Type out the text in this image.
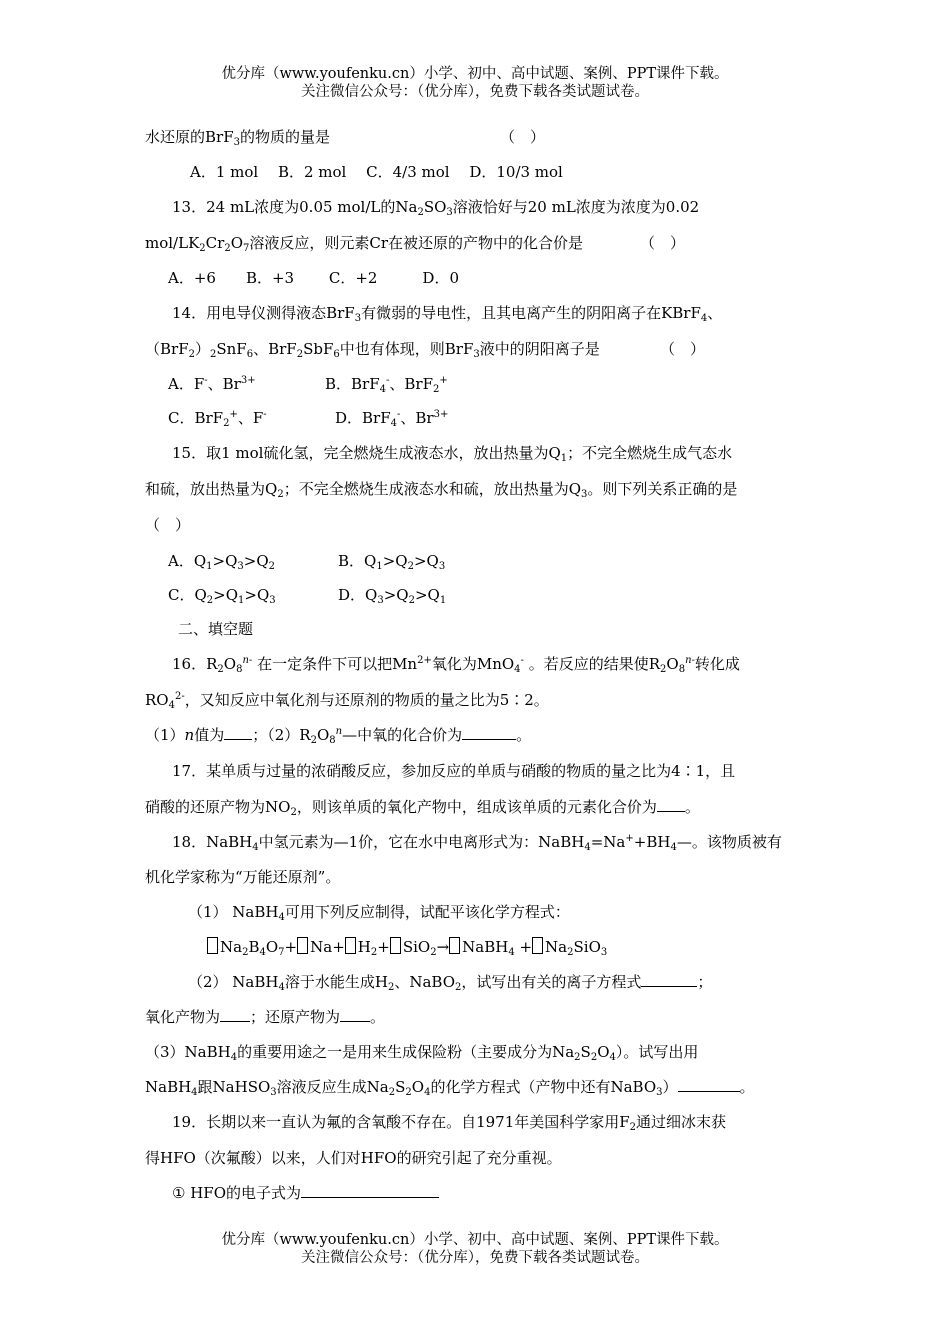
优分库（www.youfenku.cn）小学、初中、高中试题、案例、PPT课件下载。
关注微信公众号：（优分库），免费下载各类试题试卷。
水还原的BrF$_3$的物质的量是	（　）
A．1 mol　 B．2 mol　 C．4/3 mol　 D．10/3 mol
13．24 mL浓度为0.05 mol/L的$Na_2SO_3$溶液恰好与20 mL浓度为浓度为0.02
mol/$LK_2Cr_2O_7$溶液反应，则元素Cr在被还原的产物中的化合价是	（　）
A．+6　　B．+3　　 C．+2　　　D．0
14．用电导仪测得液态BrF$_3$有微弱的导电性，且其电离产生的阴阳离子在KBrF$_4$、
$(BrF_2)_2SnF_6$、BrF$_2$SbF$_6$中也有体现，则BrF$_3$液中的阴阳离子是	（　）
A．F-、$Br^{3+}$	B．BrF$_4$-、BrF$_2$+
C．BrF$_2$+、F-	D．BrF$_4$-、$Br^{3+}$
15．取1 mol硫化氢，完全燃烧生成液态水，放出热量为$Q_1$；不完全燃烧生成气态水
和硫，放出热量为$Q_2$；不完全燃烧生成液态水和硫，放出热量为$Q_3$。则下列关系正确的是
（　）
A．$Q_1>Q_3>Q_2$	B．$Q_1>Q_2>Q_3$
C．$Q_2>Q_1>Q_3$	D．$Q_3>Q_2>Q_1$
二、填空题
16．$R_2O_8^{n-}$ 在一定条件下可以把$Mn^{2+}$氧化为MnO$_4$- 。若反应的结果使$R_2O_8^{n-}$转化成
$RO_4^{2-}$，又知反应中氧化剂与还原剂的物质的量之比为5∶2。
（1）n值为 ；$(2)R_2O_8^n—$中氧的化合价为	。
17．某单质与过量的浓硝酸反应，参加反应的单质与硝酸的物质的量之比为4∶1，且
硝酸的还原产物为$NO_2$，则该单质的氧化产物中，组成该单质的元素化合价为 。
18．NaBH$_4$中氢元素为—1价，它在水中电离形式为：$NaBH_4=Na^++BH_4—$。该物质被有
机化学家称为“万能还原剂”。
（1） NaBH$_4$可用下列反应制得，试配平该化学方程式：
$Na_2B_4O_7+ Na+ H_2+ SiO_2\to$ NaBH$_4$ + $Na_2SiO_3$
（2） NaBH$_4$溶于水能生成$H_2$、NaBO$_2$，试写出有关的离子方程式	；
氧化产物为 ；还原产物为 。
（3）NaBH$_4$的重要用途之一是用来生成保险粉（主要成分为$Na_2S_2O_4$）。试写出用
NaBH$_4$跟NaHSO$_3$溶液反应生成$Na_2S_2O_4$的化学方程式（产物中还有NaBO$_3$）	。
19．长期以来一直认为氟的含氧酸不存在。自1971年美国科学家用$F_2$通过细冰末获
得HFO（次氟酸）以来，人们对HFO的研究引起了充分重视。
① HFO的电子式为
优分库（www.youfenku.cn）小学、初中、高中试题、案例、PPT课件下载。
关注微信公众号：（优分库），免费下载各类试题试卷。
